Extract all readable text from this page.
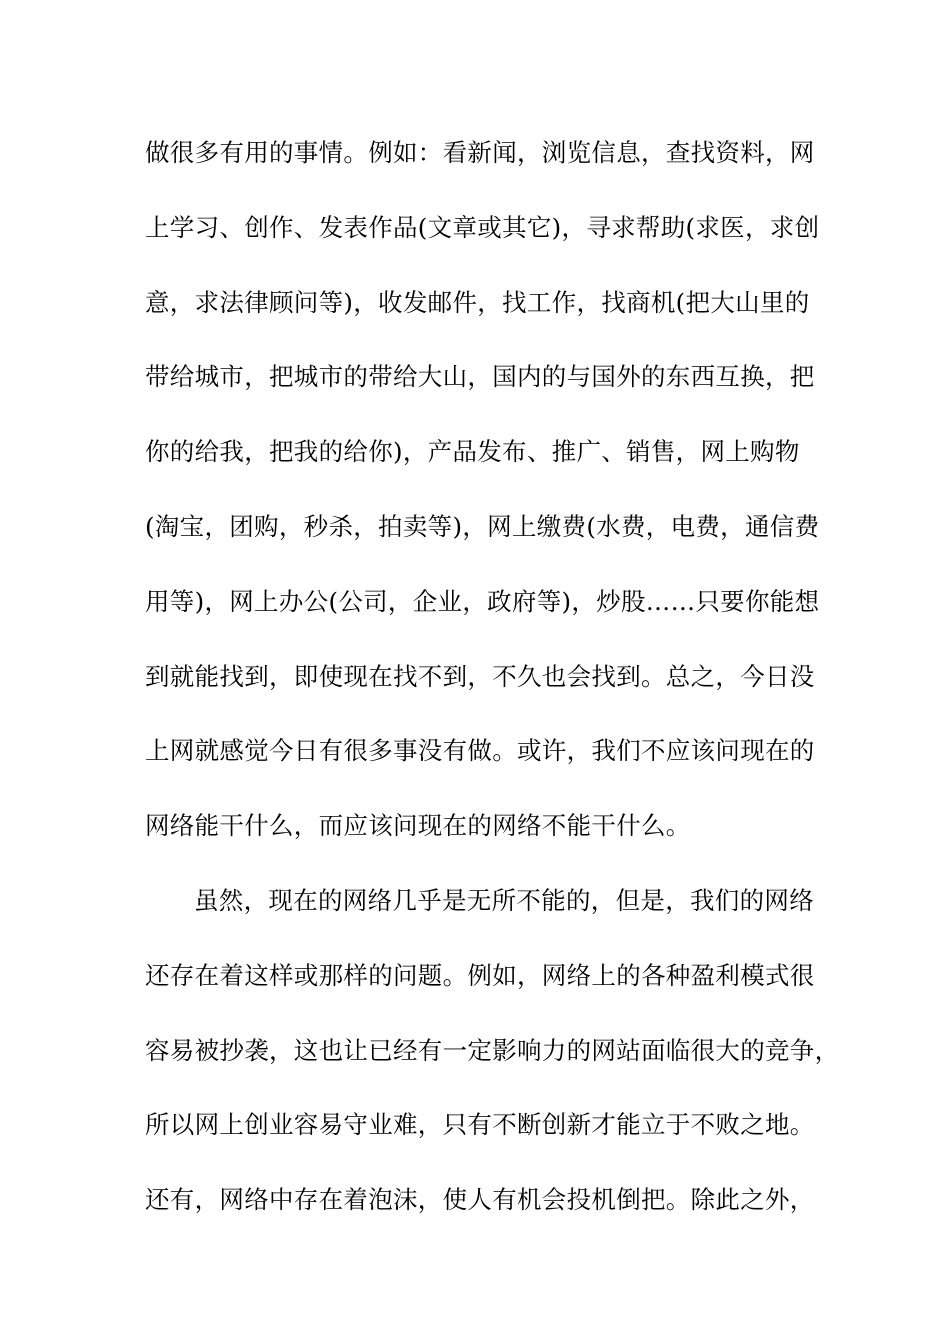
做很多有用的事情。例如：看新闻，浏览信息，查找资料，网
上学习、创作、发表作品(文章或其它)，寻求帮助(求医，求创
意，求法律顾问等)，收发邮件，找工作，找商机(把大山里的
带给城市，把城市的带给大山，国内的与国外的东西互换，把
你的给我，把我的给你)，产品发布、推广、销售，网上购物
(淘宝，团购，秒杀，拍卖等)，网上缴费(水费，电费，通信费
用等)，网上办公(公司，企业，政府等)，炒股……只要你能想
到就能找到，即使现在找不到，不久也会找到。总之，今日没
上网就感觉今日有很多事没有做。或许，我们不应该问现在的
网络能干什么，而应该问现在的网络不能干什么。
虽然，现在的网络几乎是无所不能的，但是，我们的网络
还存在着这样或那样的问题。例如，网络上的各种盈利模式很
容易被抄袭，这也让已经有一定影响力的网站面临很大的竞争，
所以网上创业容易守业难，只有不断创新才能立于不败之地。
还有，网络中存在着泡沫，使人有机会投机倒把。除此之外，
